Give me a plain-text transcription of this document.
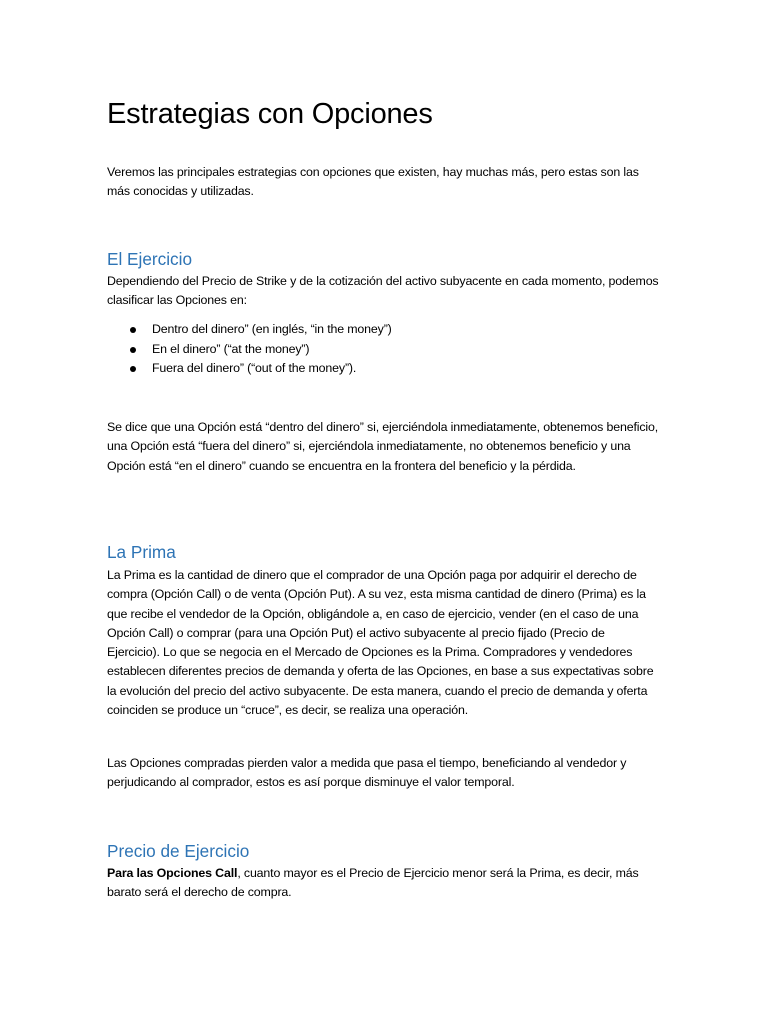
Estrategias con Opciones

Veremos las principales estrategias con opciones que existen, hay muchas más, pero estas son las más conocidas y utilizadas.

El Ejercicio

Dependiendo del Precio de Strike y de la cotización del activo subyacente en cada momento, podemos clasificar las Opciones en:

Dentro del dinero” (en inglés, “in the money”)
En el dinero” (“at the money”)
Fuera del dinero” (“out of the money”).

Se dice que una Opción está “dentro del dinero” si, ejerciéndola inmediatamente, obtenemos beneficio, una Opción está “fuera del dinero” si, ejerciéndola inmediatamente, no obtenemos beneficio y una Opción está “en el dinero” cuando se encuentra en la frontera del beneficio y la pérdida.

La Prima

La Prima es la cantidad de dinero que el comprador de una Opción paga por adquirir el derecho de compra (Opción Call) o de venta (Opción Put). A su vez, esta misma cantidad de dinero (Prima) es la que recibe el vendedor de la Opción, obligándole a, en caso de ejercicio, vender (en el caso de una Opción Call) o comprar (para una Opción Put) el activo subyacente al precio fijado (Precio de Ejercicio). Lo que se negocia en el Mercado de Opciones es la Prima. Compradores y vendedores establecen diferentes precios de demanda y oferta de las Opciones, en base a sus expectativas sobre la evolución del precio del activo subyacente. De esta manera, cuando el precio de demanda y oferta coinciden se produce un “cruce”, es decir, se realiza una operación.

Las Opciones compradas pierden valor a medida que pasa el tiempo, beneficiando al vendedor y perjudicando al comprador, estos es así porque disminuye el valor temporal.

Precio de Ejercicio

Para las Opciones Call, cuanto mayor es el Precio de Ejercicio menor será la Prima, es decir, más barato será el derecho de compra.
